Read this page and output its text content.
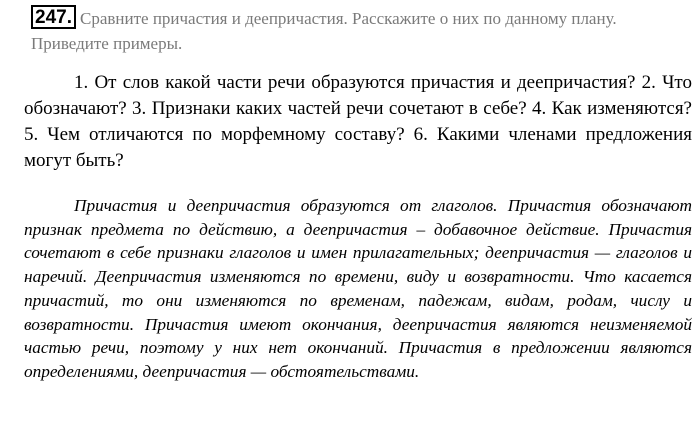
247. Сравните причастия и деепричастия. Расскажите о них по данному плану. Приведите примеры.

1. От слов какой части речи образуются причастия и деепричастия? 2. Что обозначают? 3. Признаки каких частей речи сочетают в себе? 4. Как изменяются? 5. Чем отличаются по морфемному составу? 6. Какими членами предложения могут быть?

Причастия и деепричастия образуются от глаголов. Причастия обозначают признак предмета по действию, а деепричастия – добавочное действие. Причастия сочетают в себе признаки глаголов и имен прилагательных; деепричастия — глаголов и наречий. Деепричастия изменяются по времени, виду и возвратности. Что касается причастий, то они изменяются по временам, падежам, видам, родам, числу и возвратности. Причастия имеют окончания, деепричастия являются неизменяемой частью речи, поэтому у них нет окончаний. Причастия в предложении являются определениями, деепричастия — обстоятельствами.
